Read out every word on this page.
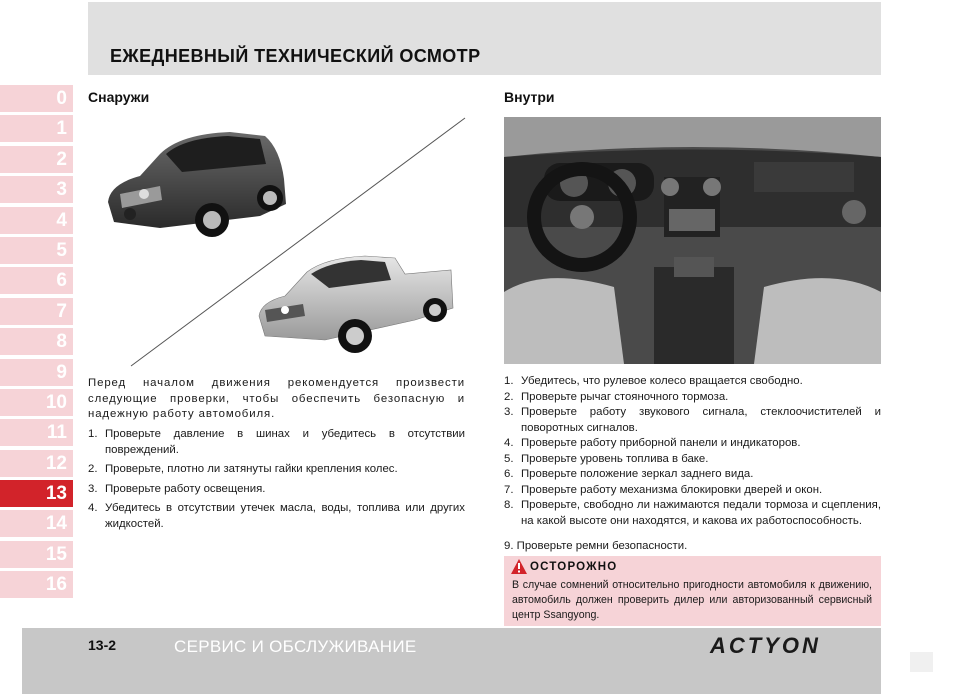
ЕЖЕДНЕВНЫЙ ТЕХНИЧЕСКИЙ ОСМОТР
0
1
2
3
4
5
6
7
8
9
10
11
12
13
14
15
16
Снаружи
Перед началом движения рекомендуется произвести следующие проверки, чтобы обеспечить безопасную и надежную работу автомобиля.
1. Проверьте давление в шинах и убедитесь в отсутствии повреждений.
2. Проверьте, плотно ли затянуты гайки крепления колес.
3. Проверьте работу освещения.
4. Убедитесь в отсутствии утечек масла, воды, топлива или других жидкостей.
Внутри
1. Убедитесь, что рулевое колесо вращается свободно.
2. Проверьте рычаг стояночного тормоза.
3. Проверьте работу звукового сигнала, стеклоочистителей и поворотных сигналов.
4. Проверьте работу приборной панели и индикаторов.
5. Проверьте уровень топлива в баке.
6. Проверьте положение зеркал заднего вида.
7. Проверьте работу механизма блокировки дверей и окон.
8. Проверьте, свободно ли нажимаются педали тормоза и сцепления, на какой высоте они находятся, и какова их работоспособность.
9. Проверьте ремни безопасности.
ОСТОРОЖНО
В случае сомнений относительно пригодности автомобиля к движению, автомобиль должен проверить дилер или авторизованный сервисный центр Ssangyong.
13-2	СЕРВИС И ОБСЛУЖИВАНИЕ	ACTYON
